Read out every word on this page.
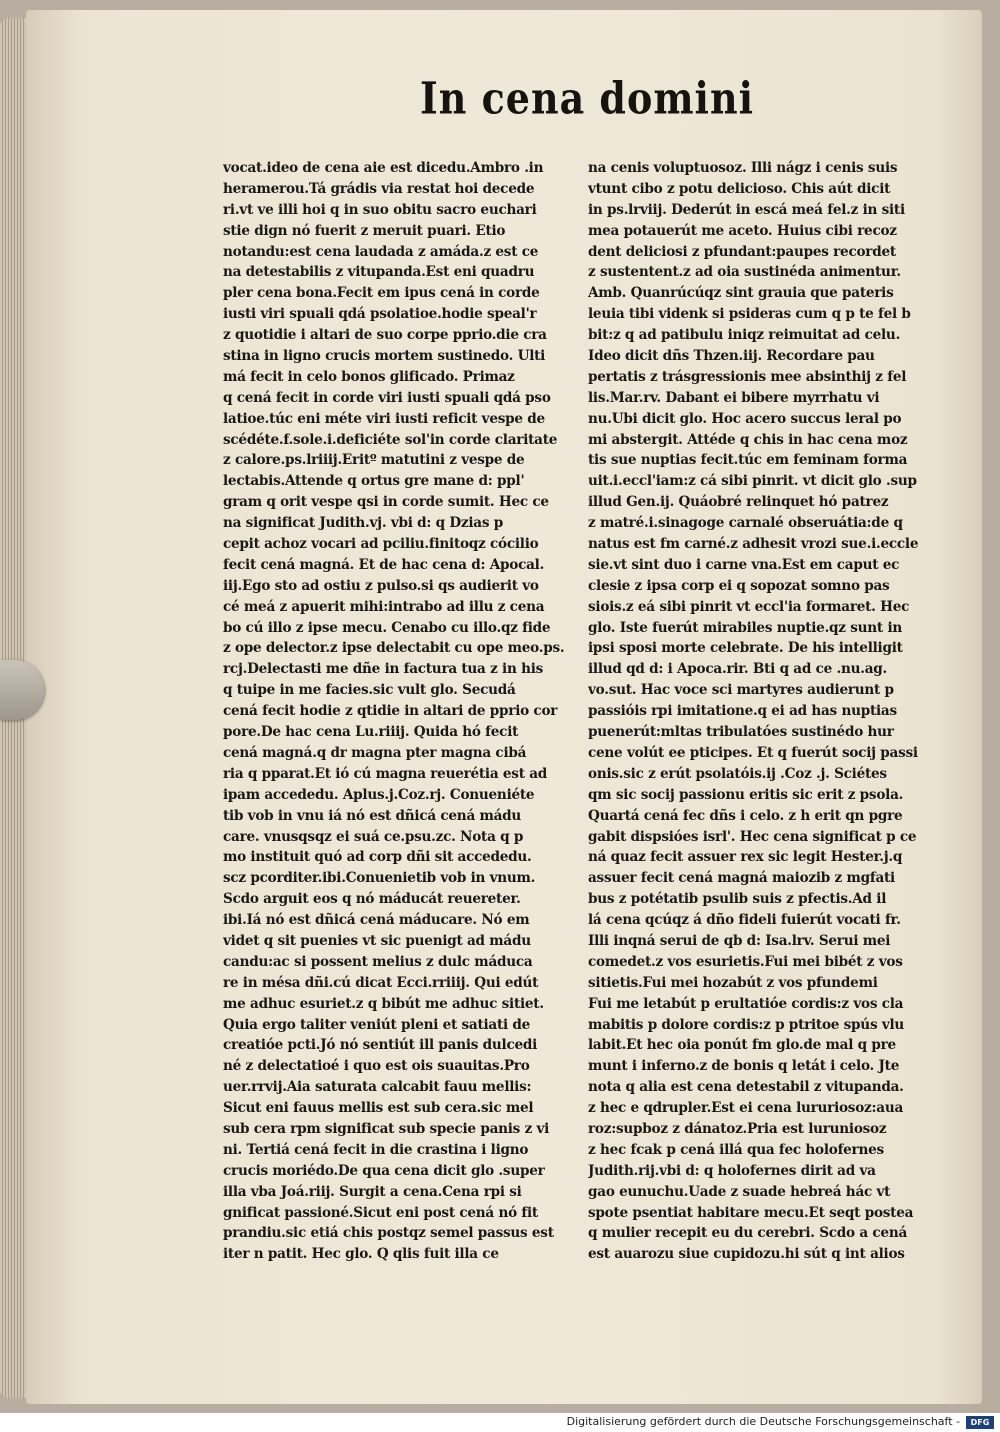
In cena domini
vocat.ideo de cena aie est dicedu.Ambro .in
heramerou.Tá grádis via restat hoi decede
ri.vt ve illi hoi q in suo obitu sacro euchari
stie dign nó fuerit z meruit puari. Etio
notandu:est cena laudada z amáda.z est ce
na detestabilis z vitupanda.Est eni quadru
pler cena bona.Fecit em ipus cená in corde
iusti viri spuali qdá psolatioe.hodie speal'r
z quotidie i altari de suo corpe pprio.die cra
stina in ligno crucis mortem sustinedo. Ulti
má fecit in celo bonos glificado. Primaz
q cená fecit in corde viri iusti spuali qdá pso
latioe.túc eni méte viri iusti reficit vespe de
scédéte.f.sole.i.deficiéte sol'in corde claritate
z calore.ps.lriiij.Eritº matutini z vespe de
lectabis.Attende q ortus gre mane d: ppl'
gram q orit vespe qsi in corde sumit. Hec ce
na significat Judith.vj. vbi d: q Dzias p
cepit achoz vocari ad pciliu.finitoqz cócilio
fecit cená magná. Et de hac cena d: Apocal.
iij.Ego sto ad ostiu z pulso.si qs audierit vo
cé meá z apuerit mihi:intrabo ad illu z cena
bo cú illo z ipse mecu. Cenabo cu illo.qz fide
z ope delector.z ipse delectabit cu ope meo.ps.
rcj.Delectasti me dñe in factura tua z in his
q tuipe in me facies.sic vult glo. Secudá
cená fecit hodie z qtidie in altari de pprio cor
pore.De hac cena Lu.riiij. Quida hó fecit
cená magná.q dr magna pter magna cibá
ria q pparat.Et ió cú magna reuerétia est ad
ipam accededu. Aplus.j.Coz.rj. Conueniéte
tib vob in vnu iá nó est dñicá cená mádu
care. vnusqsqz ei suá ce.psu.zc. Nota q p
mo instituit quó ad corp dñi sit accededu.
scz pcorditer.ibi.Conuenietib vob in vnum.
Scdo arguit eos q nó máducát reuereter.
ibi.Iá nó est dñicá cená máducare. Nó em
videt q sit puenies vt sic puenigt ad mádu
candu:ac si possent melius z dulc máduca
re in mésa dñi.cú dicat Ecci.rriiij. Qui edút
me adhuc esuriet.z q bibút me adhuc sitiet.
Quia ergo taliter veniút pleni et satiati de
creatióe pcti.Jó nó sentiút ill panis dulcedi
né z delectatioé i quo est ois suauitas.Pro
uer.rrvij.Aia saturata calcabit fauu mellis:
Sicut eni fauus mellis est sub cera.sic mel
sub cera rpm significat sub specie panis z vi
ni. Tertiá cená fecit in die crastina i ligno
crucis moriédo.De qua cena dicit glo .super
illa vba Joá.riij. Surgit a cena.Cena rpi si
gnificat passioné.Sicut eni post cená nó fit
prandiu.sic etiá chis postqz semel passus est
iter n patit. Hec glo. Q qlis fuit illa ce
na cenis voluptuosoz. Illi nágz i cenis suis
vtunt cibo z potu delicioso. Chis aút dicit
in ps.lrviij. Dederút in escá meá fel.z in siti
mea potauerút me aceto. Huius cibi recoz
dent deliciosi z pfundant:paupes recordet
z sustentent.z ad oia sustinéda animentur.
Amb. Quanrúcúqz sint grauia que pateris
leuia tibi videnk si psideras cum q p te fel b
bit:z q ad patibulu iniqz reimuitat ad celu.
Ideo dicit dñs Thzen.iij. Recordare pau
pertatis z trásgressionis mee absinthij z fel
lis.Mar.rv. Dabant ei bibere myrrhatu vi
nu.Ubi dicit glo. Hoc acero succus leral po
mi abstergit. Attéde q chis in hac cena moz
tis sue nuptias fecit.túc em feminam forma
uit.i.eccl'iam:z cá sibi pinrit. vt dicit glo .sup
illud Gen.ij. Quáobré relinquet hó patrez
z matré.i.sinagoge carnalé obseruátia:de q
natus est fm carné.z adhesit vrozi sue.i.eccle
sie.vt sint duo i carne vna.Est em caput ec
clesie z ipsa corp ei q sopozat somno pas
siois.z eá sibi pinrit vt eccl'ia formaret. Hec
glo. Iste fuerút mirabiles nuptie.qz sunt in
ipsi sposi morte celebrate. De his intelligit
illud qd d: i Apoca.rir. Bti q ad ce .nu.ag.
vo.sut. Hac voce sci martyres audierunt p
passióis rpi imitatione.q ei ad has nuptias
puenerút:mltas tribulatóes sustinédo hur
cene volút ee pticipes. Et q fuerút socij passi
onis.sic z erút psolatóis.ij .Coz .j. Sciétes
qm sic socij passionu eritis sic erit z psola.
Quartá cená fec dñs i celo. z h erit qn pgre
gabit dispsióes isrl'. Hec cena significat p ce
ná quaz fecit assuer rex sic legit Hester.j.q
assuer fecit cená magná maiozib z mgfati
bus z potétatib psulib suis z pfectis.Ad il
lá cena qcúqz á dño fideli fuierút vocati fr.
Illi inqná serui de qb d: Isa.lrv. Serui mei
comedet.z vos esurietis.Fui mei bibét z vos
sitietis.Fui mei hozabút z vos pfundemi
Fui me letabút p erultatióe cordis:z vos cla
mabitis p dolore cordis:z p ptritoe spús vlu
labit.Et hec oia ponút fm glo.de mal q pre
munt i inferno.z de bonis q letát i celo. Jte
nota q alia est cena detestabil z vitupanda.
z hec e qdrupler.Est ei cena lururiosoz:aua
roz:supboz z dánatoz.Pria est luruniosoz
z hec fcak p cená illá qua fec holofernes
Judith.rij.vbi d: q holofernes dirit ad va
gao eunuchu.Uade z suade hebreá hác vt
spote psentiat habitare mecu.Et seqt postea
q mulier recepit eu du cerebri. Scdo a cená
est auarozu siue cupidozu.hi sút q int alios
Digitalisierung gefördert durch die Deutsche Forschungsgemeinschaft -	DFG
